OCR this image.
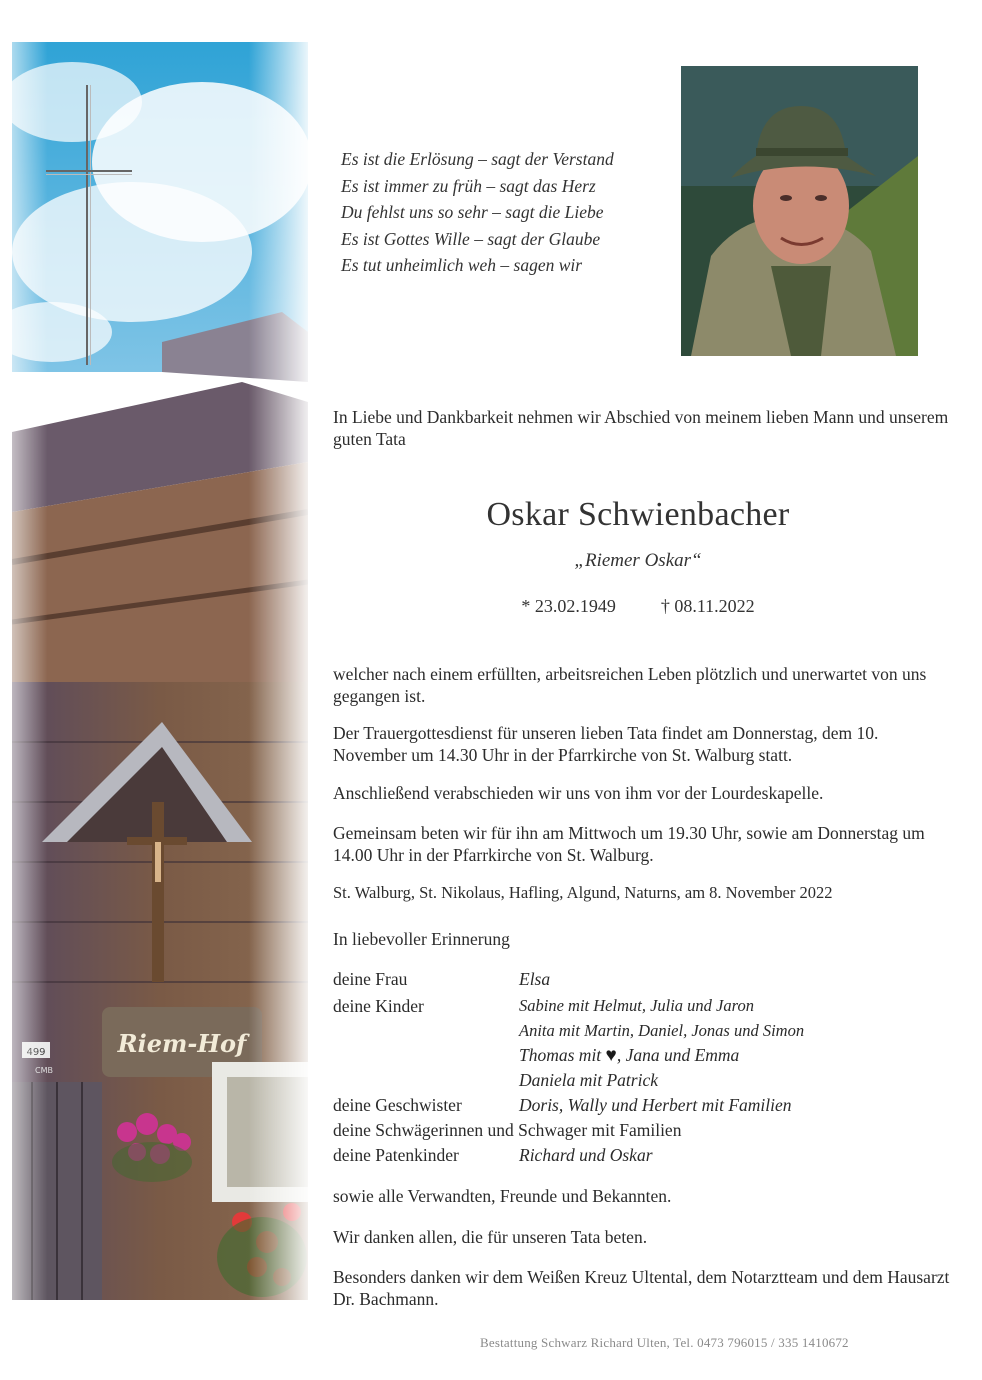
Es ist die Erlösung – sagt der Verstand
Es ist immer zu früh – sagt das Herz
Du fehlst uns so sehr – sagt die Liebe
Es ist Gottes Wille – sagt der Glaube
Es tut unheimlich weh – sagen wir
In Liebe und Dankbarkeit nehmen wir Abschied von meinem lieben Mann und unserem guten Tata
Oskar Schwienbacher
„Riemer Oskar“
* 23.02.1949	† 08.11.2022
welcher nach einem erfüllten, arbeitsreichen Leben plötzlich und unerwartet von uns gegangen ist.
Der Trauergottesdienst für unseren lieben Tata findet am Donnerstag, dem 10. November um 14.30 Uhr in der Pfarrkirche von St. Walburg statt.
Anschließend verabschieden wir uns von ihm vor der Lourdeskapelle.
Gemeinsam beten wir für ihn am Mittwoch um 19.30 Uhr, sowie am Donnerstag um 14.00 Uhr in der Pfarrkirche von St. Walburg.
St. Walburg, St. Nikolaus, Hafling, Algund, Naturns, am 8. November 2022
In liebevoller Erinnerung
deine Frau	Elsa
deine Kinder	Sabine mit Helmut, Julia und Jaron
Anita mit Martin, Daniel, Jonas und Simon
Thomas mit ♥, Jana und Emma
Daniela mit Patrick
deine Geschwister	Doris, Wally und Herbert mit Familien
deine Schwägerinnen und Schwager mit Familien
deine Patenkinder	Richard und Oskar
sowie alle Verwandten, Freunde und Bekannten.
Wir danken allen, die für unseren Tata beten.
Besonders danken wir dem Weißen Kreuz Ultental, dem Notarztteam und dem Hausarzt Dr. Bachmann.
Bestattung Schwarz Richard Ulten, Tel. 0473 796015 / 335 1410672
